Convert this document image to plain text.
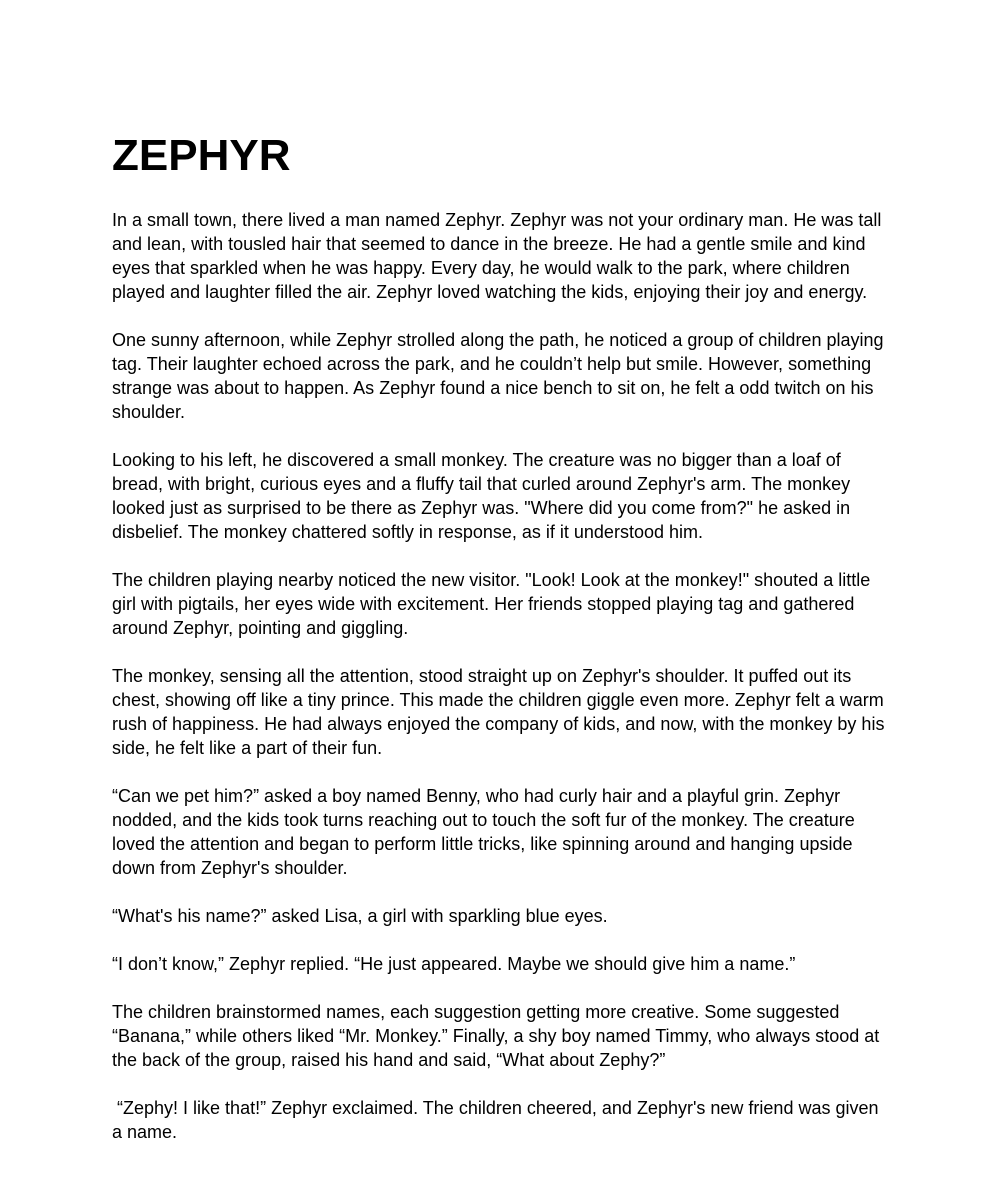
ZEPHYR

In a small town, there lived a man named Zephyr. Zephyr was not your ordinary man. He was tall and lean, with tousled hair that seemed to dance in the breeze. He had a gentle smile and kind eyes that sparkled when he was happy. Every day, he would walk to the park, where children played and laughter filled the air. Zephyr loved watching the kids, enjoying their joy and energy.

One sunny afternoon, while Zephyr strolled along the path, he noticed a group of children playing tag. Their laughter echoed across the park, and he couldn’t help but smile. However, something strange was about to happen. As Zephyr found a nice bench to sit on, he felt a odd twitch on his shoulder.

Looking to his left, he discovered a small monkey. The creature was no bigger than a loaf of bread, with bright, curious eyes and a fluffy tail that curled around Zephyr's arm. The monkey looked just as surprised to be there as Zephyr was. "Where did you come from?" he asked in disbelief. The monkey chattered softly in response, as if it understood him.

The children playing nearby noticed the new visitor. "Look! Look at the monkey!" shouted a little girl with pigtails, her eyes wide with excitement. Her friends stopped playing tag and gathered around Zephyr, pointing and giggling.

The monkey, sensing all the attention, stood straight up on Zephyr's shoulder. It puffed out its chest, showing off like a tiny prince. This made the children giggle even more. Zephyr felt a warm rush of happiness. He had always enjoyed the company of kids, and now, with the monkey by his side, he felt like a part of their fun.

“Can we pet him?” asked a boy named Benny, who had curly hair and a playful grin. Zephyr nodded, and the kids took turns reaching out to touch the soft fur of the monkey. The creature loved the attention and began to perform little tricks, like spinning around and hanging upside down from Zephyr's shoulder.

“What's his name?” asked Lisa, a girl with sparkling blue eyes.

“I don’t know,” Zephyr replied. “He just appeared. Maybe we should give him a name.”

The children brainstormed names, each suggestion getting more creative. Some suggested “Banana,” while others liked “Mr. Monkey.” Finally, a shy boy named Timmy, who always stood at the back of the group, raised his hand and said, “What about Zephy?”

“Zephy! I like that!” Zephyr exclaimed. The children cheered, and Zephyr's new friend was given a name.
